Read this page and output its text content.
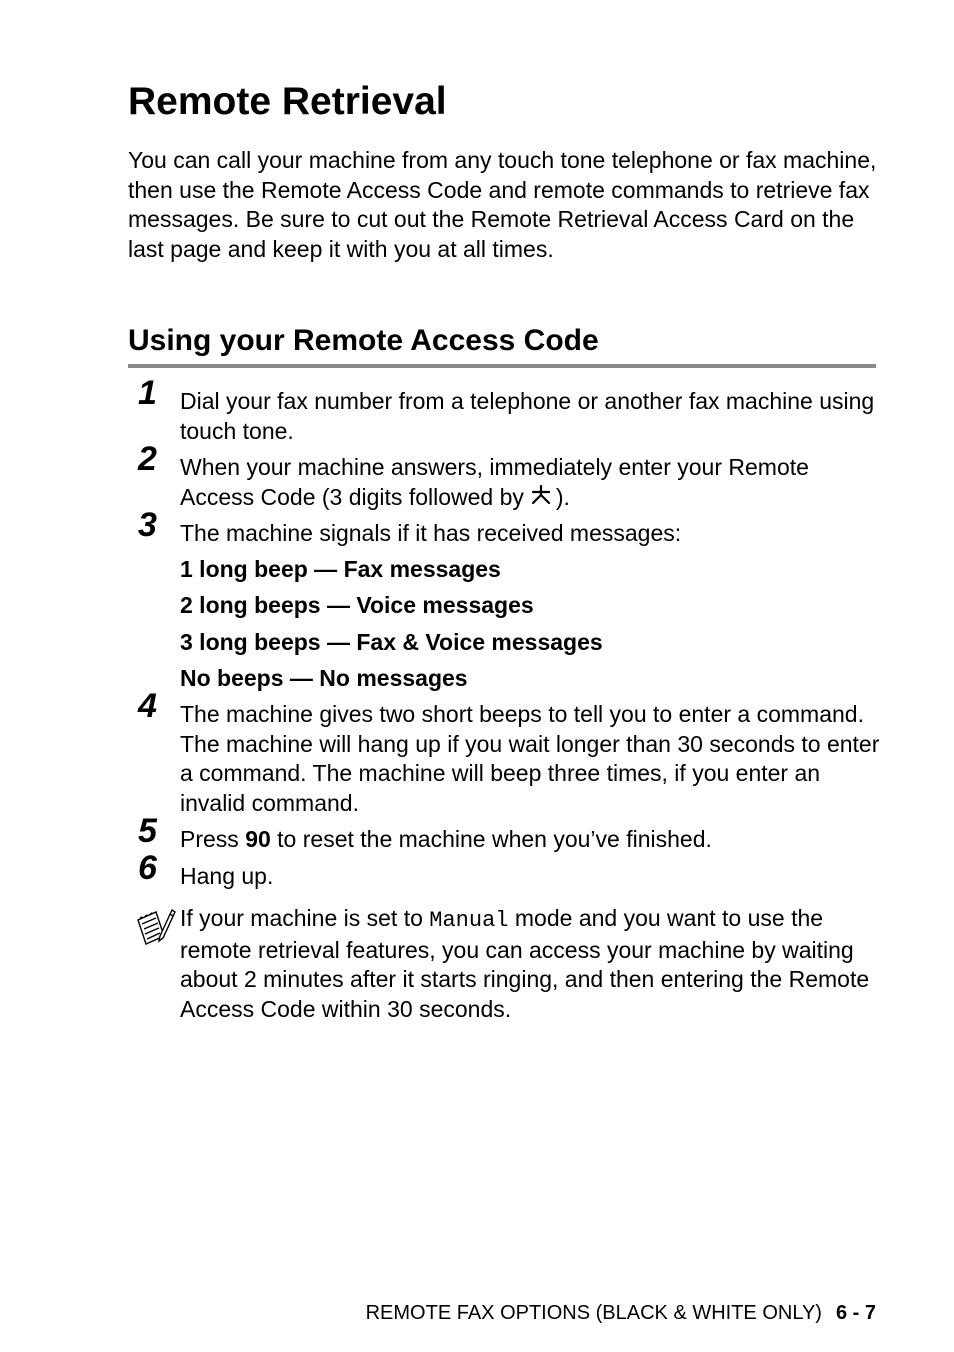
Remote Retrieval

You can call your machine from any touch tone telephone or fax machine, then use the Remote Access Code and remote commands to retrieve fax messages. Be sure to cut out the Remote Retrieval Access Card on the last page and keep it with you at all times.

Using your Remote Access Code
1 Dial your fax number from a telephone or another fax machine using touch tone.
2 When your machine answers, immediately enter your Remote Access Code (3 digits followed by ).
3 The machine signals if it has received messages:
1 long beep — Fax messages
2 long beeps — Voice messages
3 long beeps — Fax & Voice messages
No beeps — No messages
4 The machine gives two short beeps to tell you to enter a command. The machine will hang up if you wait longer than 30 seconds to enter a command. The machine will beep three times, if you enter an invalid command.
5 Press 90 to reset the machine when you’ve finished.
6 Hang up.
If your machine is set to Manual mode and you want to use the remote retrieval features, you can access your machine by waiting about 2 minutes after it starts ringing, and then entering the Remote Access Code within 30 seconds.
REMOTE FAX OPTIONS (BLACK & WHITE ONLY) 6 - 7
